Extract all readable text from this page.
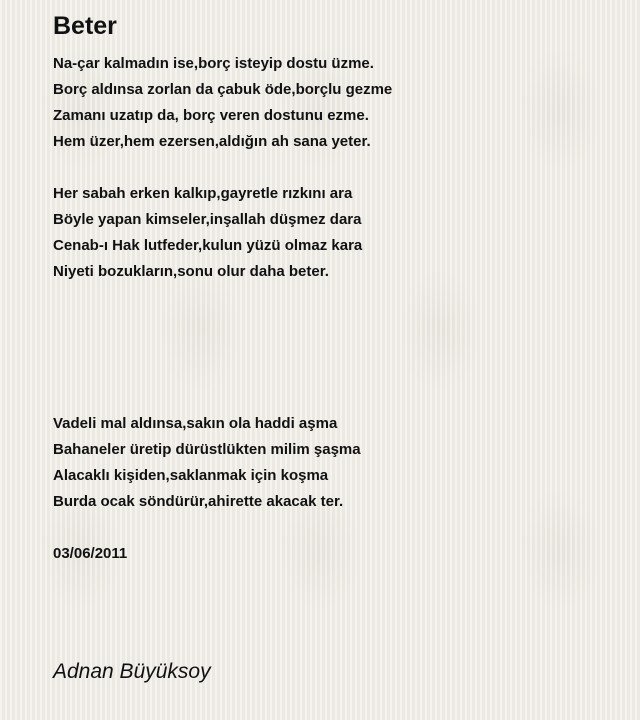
Beter
Na-çar kalmadın ise,borç isteyip dostu üzme.
Borç aldınsa zorlan da çabuk öde,borçlu gezme
Zamanı uzatıp da, borç veren dostunu ezme.
Hem üzer,hem ezersen,aldığın ah sana yeter.
Her sabah erken kalkıp,gayretle rızkını ara
Böyle yapan kimseler,inşallah düşmez dara
Cenab-ı Hak lutfeder,kulun yüzü olmaz kara
Niyeti bozukların,sonu olur daha beter.
Vadeli mal aldınsa,sakın ola haddi aşma
Bahaneler üretip dürüstlükten milim şaşma
Alacaklı kişiden,saklanmak için koşma
Burda ocak söndürür,ahirette akacak ter.
03/06/2011
Adnan Büyüksoy
